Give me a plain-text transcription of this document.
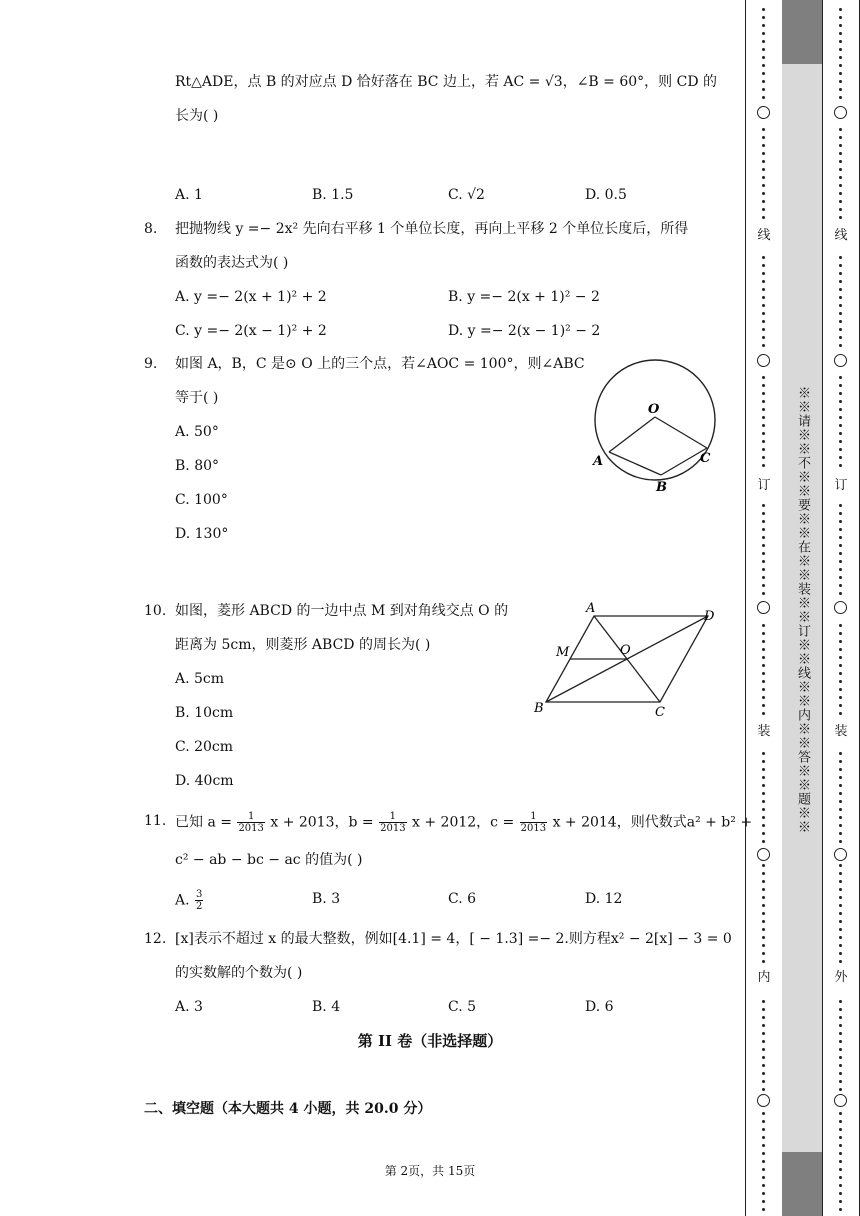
Rt△ADE，点 B 的对应点 D 恰好落在 BC 边上，若 AC = √3，∠B = 60°，则 CD 的
长为( )
A. 1	B. 1.5	C. √2	D. 0.5
8. 把抛物线 y =− 2x² 先向右平移 1 个单位长度，再向上平移 2 个单位长度后，所得
函数的表达式为( )
A. y =− 2(x + 1)² + 2	B. y =− 2(x + 1)² − 2
C. y =− 2(x − 1)² + 2	D. y =− 2(x − 1)² − 2
9. 如图 A，B，C 是⊙ O 上的三个点，若∠AOC = 100°，则∠ABC
等于( )
A. 50°
B. 80°
C. 100°
D. 130°
O
A
B
C
10. 如图，菱形 ABCD 的一边中点 M 到对角线交点 O 的
距离为 5cm，则菱形 ABCD 的周长为( )
A. 5cm
B. 10cm
C. 20cm
D. 40cm
A
D
M	O
B	C
11. 已知 $a = \frac{1}{2013}$ x + 2013，$b = \frac{1}{2013}$ x + 2012，$c = \frac{1}{2013}$ x + 2014，则代数式a² + b² +
c² − ab − bc − ac 的值为( )
A. $\frac{3}{2}$	B. 3	C. 6	D. 12
12. [x]表示不超过 x 的最大整数，例如[4.1] = 4，[ − 1.3] =− 2.则方程x² − 2[x] − 3 = 0
的实数解的个数为( )
A. 3	B. 4	C. 5	D. 6
第 II 卷（非选择题）
二、填空题（本大题共 4 小题，共 20.0 分）
第 2页，共 15页
线
订
装
内
※※请※※不※※要※※在※※装※※订※※线※※内※※答※※题※※
线
订
装
外
